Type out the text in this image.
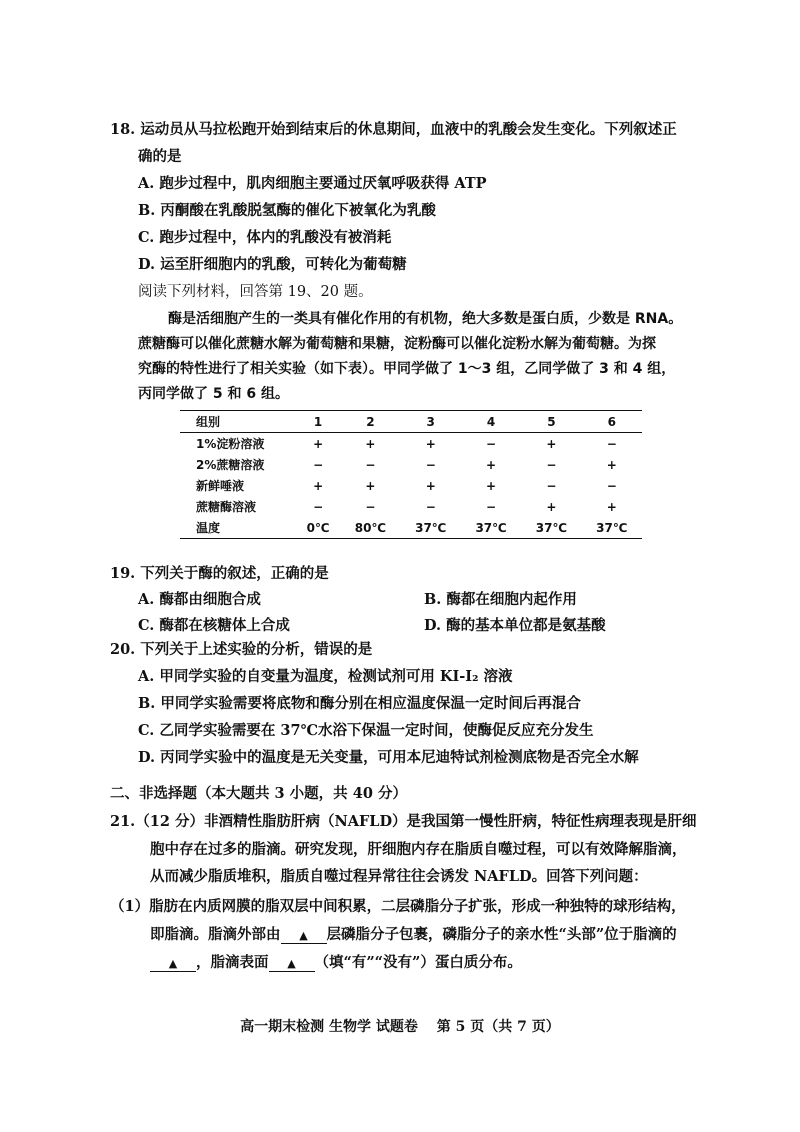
18. 运动员从马拉松跑开始到结束后的休息期间，血液中的乳酸会发生变化。下列叙述正
确的是
A. 跑步过程中，肌肉细胞主要通过厌氧呼吸获得 ATP
B. 丙酮酸在乳酸脱氢酶的催化下被氧化为乳酸
C. 跑步过程中，体内的乳酸没有被消耗
D. 运至肝细胞内的乳酸，可转化为葡萄糖
阅读下列材料，回答第 19、20 题。
酶是活细胞产生的一类具有催化作用的有机物，绝大多数是蛋白质，少数是 RNA。
蔗糖酶可以催化蔗糖水解为葡萄糖和果糖，淀粉酶可以催化淀粉水解为葡萄糖。为探
究酶的特性进行了相关实验（如下表）。甲同学做了 1～3 组，乙同学做了 3 和 4 组，
丙同学做了 5 和 6 组。
组别	1	2	3	4	5	6
1%淀粉溶液	+	+	+	−	+	−
2%蔗糖溶液	−	−	−	+	−	+
新鲜唾液	+	+	+	+	−	−
蔗糖酶溶液	−	−	−	−	+	+
温度	0℃	80℃	37℃	37℃	37℃	37℃
19. 下列关于酶的叙述，正确的是
A. 酶都由细胞合成	B. 酶都在细胞内起作用
C. 酶都在核糖体上合成	D. 酶的基本单位都是氨基酸
20. 下列关于上述实验的分析，错误的是
A. 甲同学实验的自变量为温度，检测试剂可用 KI-I₂ 溶液
B. 甲同学实验需要将底物和酶分别在相应温度保温一定时间后再混合
C. 乙同学实验需要在 37℃水浴下保温一定时间，使酶促反应充分发生
D. 丙同学实验中的温度是无关变量，可用本尼迪特试剂检测底物是否完全水解
二、非选择题（本大题共 3 小题，共 40 分）
21.（12 分）非酒精性脂肪肝病（NAFLD）是我国第一慢性肝病，特征性病理表现是肝细
胞中存在过多的脂滴。研究发现，肝细胞内存在脂质自噬过程，可以有效降解脂滴，
从而减少脂质堆积，脂质自噬过程异常往往会诱发 NAFLD。回答下列问题：
（1）脂肪在内质网膜的脂双层中间积累，二层磷脂分子扩张，形成一种独特的球形结构，
即脂滴。脂滴外部由 ▲ 层磷脂分子包裹，磷脂分子的亲水性“头部”位于脂滴的
▲ ，脂滴表面 ▲ （填“有”“没有”）蛋白质分布。
高一期末检测 生物学 试题卷　 第 5 页（共 7 页）
